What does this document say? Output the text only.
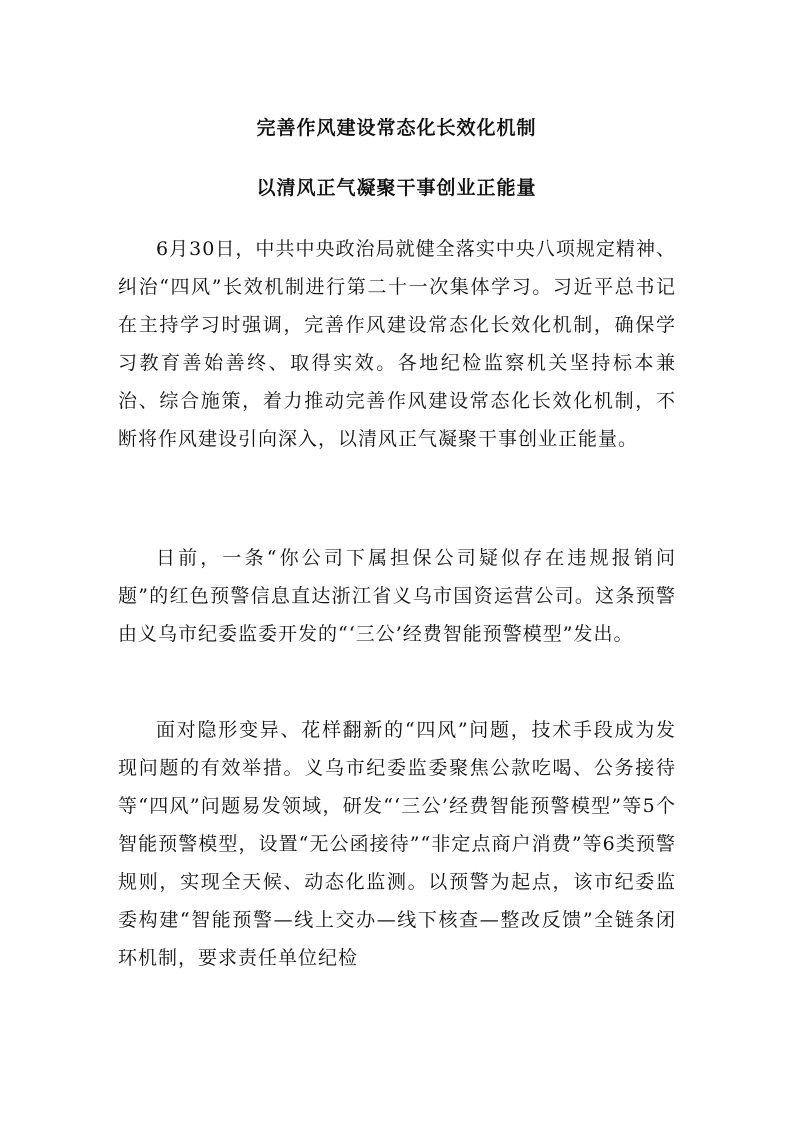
完善作风建设常态化长效化机制
以清风正气凝聚干事创业正能量

6月30日，中共中央政治局就健全落实中央八项规定精神、纠治“四风”长效机制进行第二十一次集体学习。习近平总书记在主持学习时强调，完善作风建设常态化长效化机制，确保学习教育善始善终、取得实效。各地纪检监察机关坚持标本兼治、综合施策，着力推动完善作风建设常态化长效化机制，不断将作风建设引向深入，以清风正气凝聚干事创业正能量。

日前，一条“你公司下属担保公司疑似存在违规报销问题”的红色预警信息直达浙江省义乌市国资运营公司。这条预警由义乌市纪委监委开发的“‘三公’经费智能预警模型”发出。

面对隐形变异、花样翻新的“四风”问题，技术手段成为发现问题的有效举措。义乌市纪委监委聚焦公款吃喝、公务接待等“四风”问题易发领域，研发“‘三公’经费智能预警模型”等5个智能预警模型，设置“无公函接待”“非定点商户消费”等6类预警规则，实现全天候、动态化监测。以预警为起点，该市纪委监委构建“智能预警—线上交办—线下核查—整改反馈”全链条闭环机制，要求责任单位纪检
